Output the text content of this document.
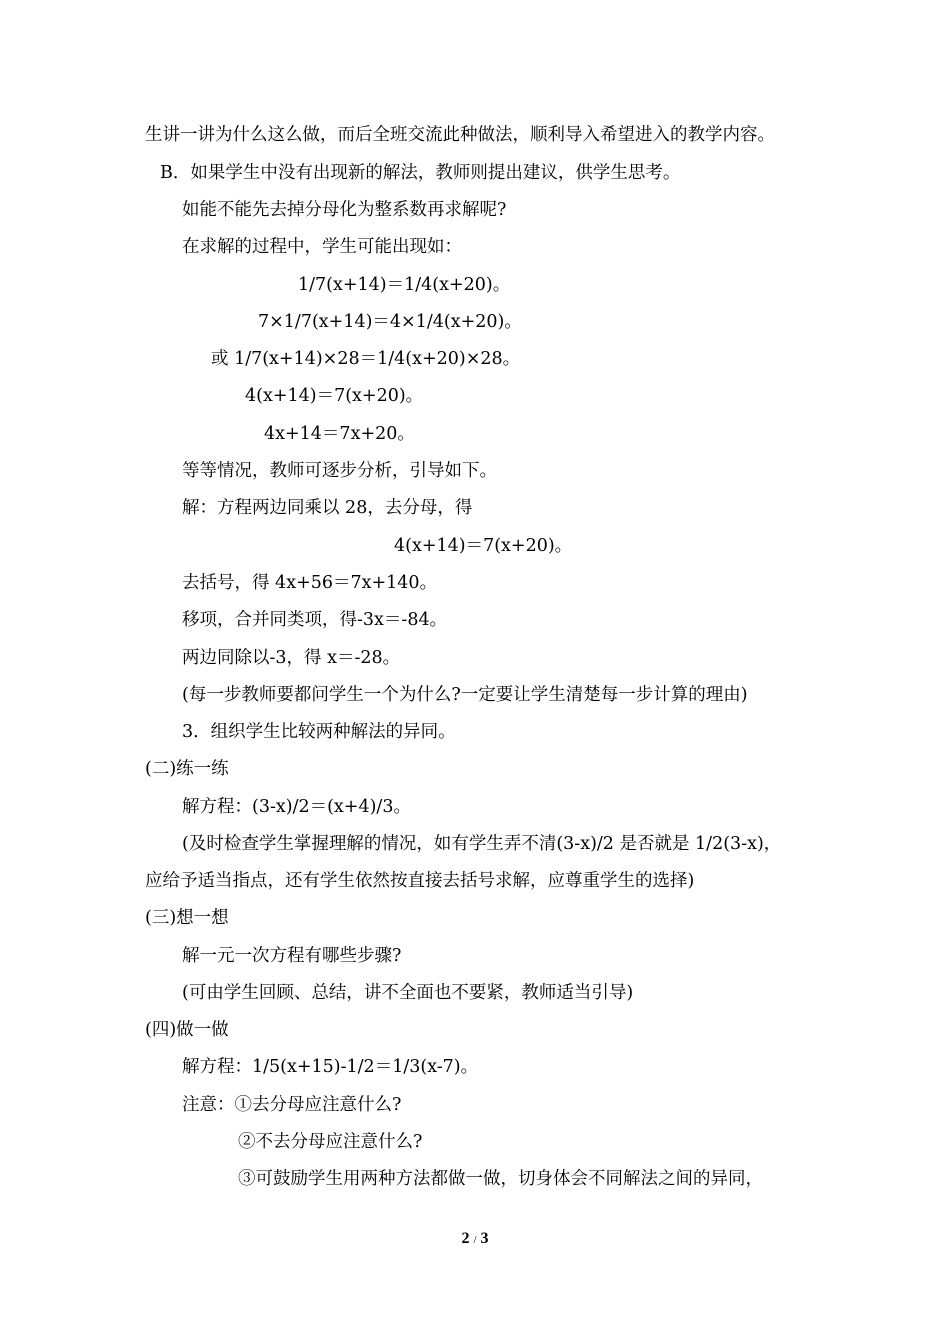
生讲一讲为什么这么做，而后全班交流此种做法，顺利导入希望进入的教学内容。
B．如果学生中没有出现新的解法，教师则提出建议，供学生思考。
如能不能先去掉分母化为整系数再求解呢?
在求解的过程中，学生可能出现如：
1/7(x+14)＝1/4(x+20)。
7×1/7(x+14)＝4×1/4(x+20)。
或 1/7(x+14)×28＝1/4(x+20)×28。
4(x+14)＝7(x+20)。
4x+14＝7x+20。
等等情况，教师可逐步分析，引导如下。
解：方程两边同乘以 28，去分母，得
4(x+14)＝7(x+20)。
去括号，得 4x+56＝7x+140。
移项，合并同类项，得-3x＝-84。
两边同除以-3，得 x＝-28。
(每一步教师要都问学生一个为什么?一定要让学生清楚每一步计算的理由)
3．组织学生比较两种解法的异同。
(二)练一练
解方程：(3-x)/2＝(x+4)/3。
(及时检查学生掌握理解的情况，如有学生弄不清(3-x)/2 是否就是 1/2(3-x)，
应给予适当指点，还有学生依然按直接去括号求解，应尊重学生的选择)
(三)想一想
解一元一次方程有哪些步骤?
(可由学生回顾、总结，讲不全面也不要紧，教师适当引导)
(四)做一做
解方程：1/5(x+15)-1/2＝1/3(x-7)。
注意：①去分母应注意什么?
②不去分母应注意什么?
③可鼓励学生用两种方法都做一做，切身体会不同解法之间的异同，
2 / 3
